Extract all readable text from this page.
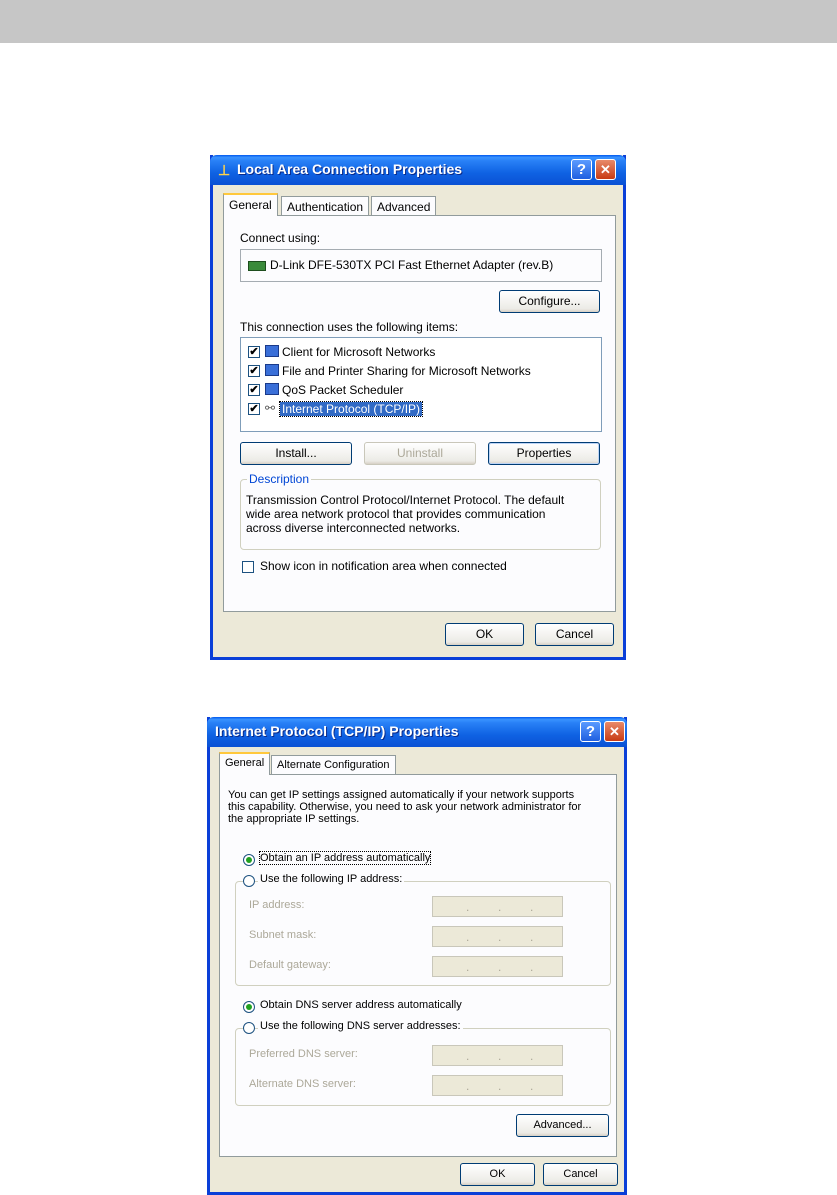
⊥ Local Area Connection Properties	?	✕
General	Authentication	Advanced
Connect using:
D-Link DFE-530TX PCI Fast Ethernet Adapter (rev.B)
Configure...
This connection uses the following items:
✔ Client for Microsoft Networks
✔ File and Printer Sharing for Microsoft Networks
✔ QoS Packet Scheduler
✔ ⚯ Internet Protocol (TCP/IP)
Install...	Uninstall	Properties
Description
Transmission Control Protocol/Internet Protocol. The default
wide area network protocol that provides communication
across diverse interconnected networks.
Show icon in notification area when connected
OK	Cancel
Internet Protocol (TCP/IP) Properties	?	✕
General	Alternate Configuration
You can get IP settings assigned automatically if your network supports
this capability. Otherwise, you need to ask your network administrator for
the appropriate IP settings.
Obtain an IP address automatically
Use the following IP address:
IP address:	. . .
Subnet mask:	. . .
Default gateway:	. . .
Obtain DNS server address automatically
Use the following DNS server addresses:
Preferred DNS server:	. . .
Alternate DNS server:	. . .
Advanced...
OK	Cancel
